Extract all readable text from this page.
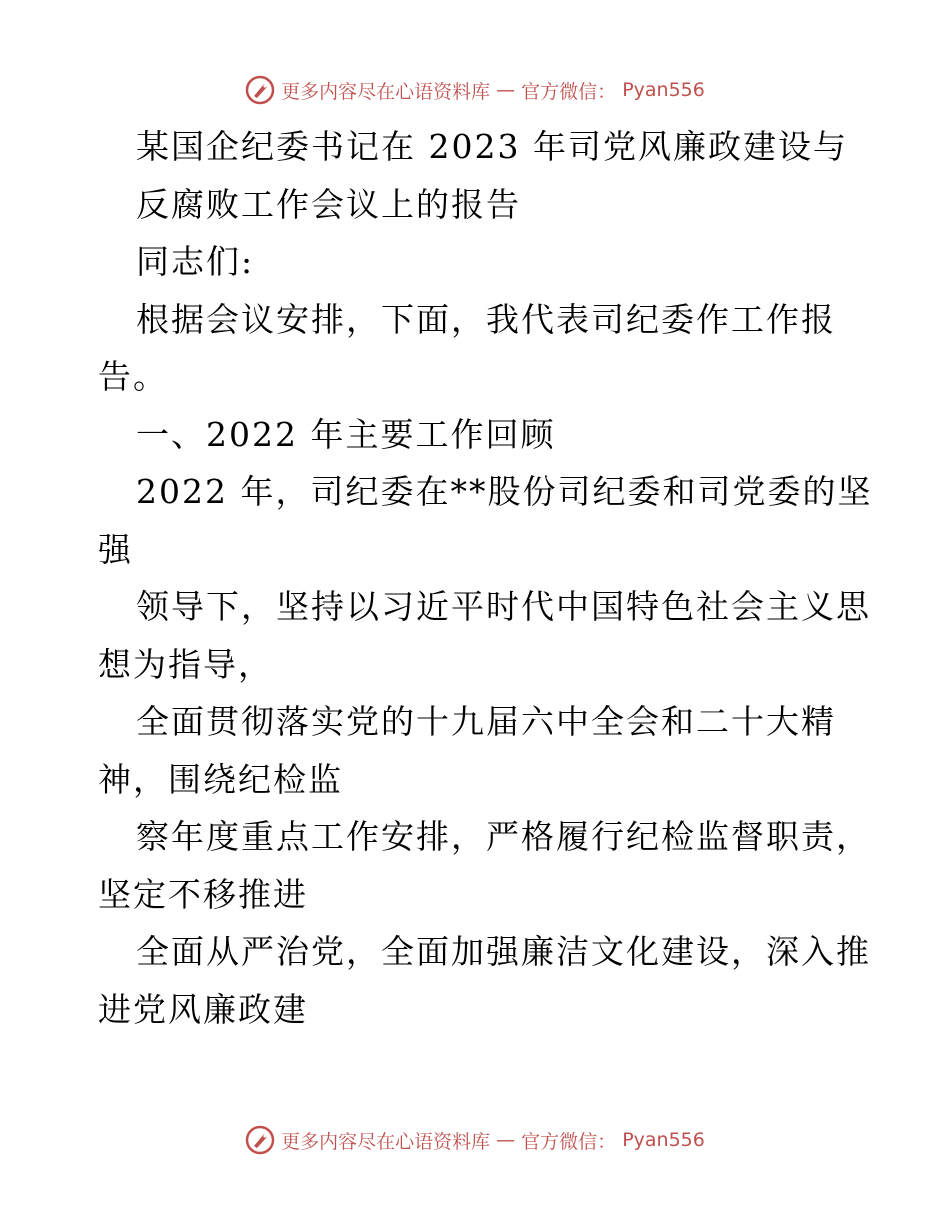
更多内容尽在心语资料库 — 官方微信： Pyan556
某国企纪委书记在 2023 年司党风廉政建设与
反腐败工作会议上的报告
同志们:
根据会议安排，下面，我代表司纪委作工作报
告。
一、2022 年主要工作回顾
2022 年，司纪委在**股份司纪委和司党委的坚
强
领导下，坚持以习近平时代中国特色社会主义思
想为指导，
全面贯彻落实党的十九届六中全会和二十大精
神，围绕纪检监
察年度重点工作安排，严格履行纪检监督职责，
坚定不移推进
全面从严治党，全面加强廉洁文化建设，深入推
进党风廉政建
更多内容尽在心语资料库 — 官方微信： Pyan556
